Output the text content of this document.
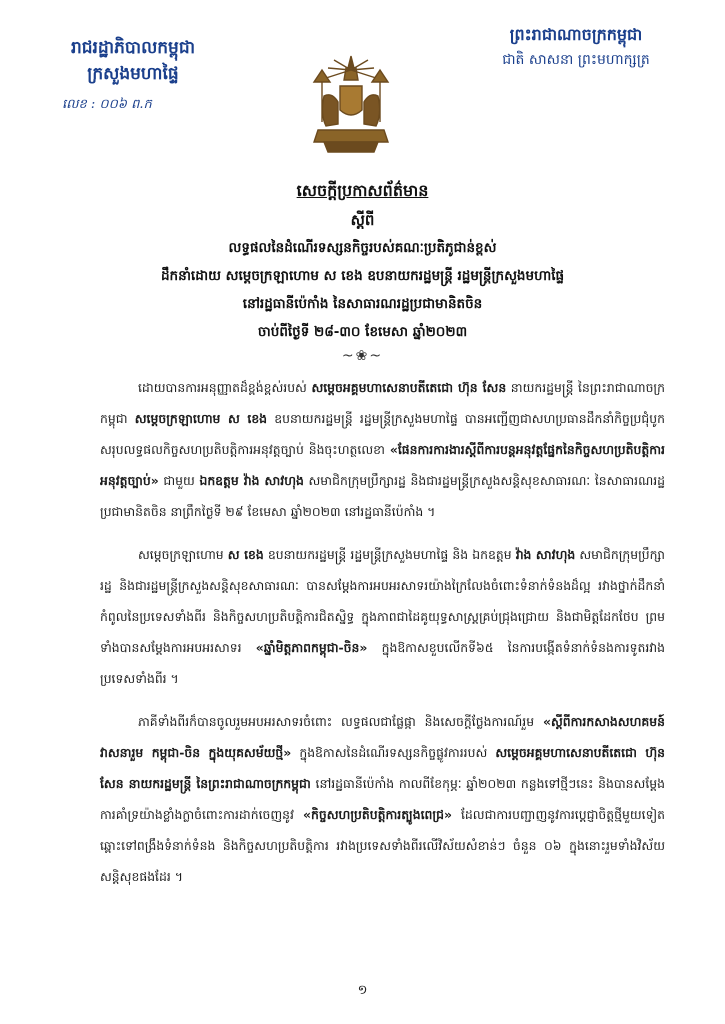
រាជរដ្ឋាភិបាលកម្ពុជា
ក្រសួងមហាផ្ទៃ
លេខ : ០០៦ ព.ក
ព្រះរាជាណាចក្រកម្ពុជា
ជាតិ សាសនា ព្រះមហាក្សត្រ
សេចក្តីប្រកាសព័ត៌មាន
ស្តីពី
លទ្ធផលនៃដំណើរទស្សនកិច្ចរបស់គណៈប្រតិភូជាន់ខ្ពស់
ដឹកនាំដោយ សម្តេចក្រឡាហោម ស ខេង ឧបនាយករដ្ឋមន្ត្រី រដ្ឋមន្ត្រីក្រសួងមហាផ្ទៃ
នៅរដ្ឋធានីប៉េកាំង នៃសាធារណរដ្ឋប្រជាមានិតចិន
ចាប់ពីថ្ងៃទី ២៨-៣០ ខែមេសា ឆ្នាំ២០២៣
~❀~

ដោយបានការអនុញ្ញាតដ៏ខ្ពង់ខ្ពស់របស់ សម្តេចអគ្គមហាសេនាបតីតេជោ ហ៊ុន សែន នាយករដ្ឋមន្ត្រី នៃព្រះរាជាណាចក្រកម្ពុជា សម្តេចក្រឡាហោម ស ខេង ឧបនាយករដ្ឋមន្ត្រី រដ្ឋមន្ត្រីក្រសួងមហាផ្ទៃ បានអញ្ជើញជាសហប្រធានដឹកនាំកិច្ចប្រជុំបូកសរុបលទ្ធផលកិច្ចសហប្រតិបត្តិការអនុវត្តច្បាប់ និងចុះហត្ថលេខា «ផែនការការងារស្តីពីការបន្តអនុវត្តផ្នែកនៃកិច្ចសហប្រតិបត្តិការអនុវត្តច្បាប់» ជាមួយ ឯកឧត្តម វ៉ាង សាវហុង សមាជិកក្រុមប្រឹក្សារដ្ឋ និងជារដ្ឋមន្ត្រីក្រសួងសន្តិសុខសាធារណៈ នៃសាធារណរដ្ឋប្រជាមានិតចិន នាព្រឹកថ្ងៃទី ២៩ ខែមេសា ឆ្នាំ២០២៣ នៅរដ្ឋធានីប៉េកាំង ។

សម្តេចក្រឡាហោម ស ខេង ឧបនាយករដ្ឋមន្ត្រី រដ្ឋមន្ត្រីក្រសួងមហាផ្ទៃ និង ឯកឧត្តម វ៉ាង សាវហុង សមាជិកក្រុមប្រឹក្សារដ្ឋ និងជារដ្ឋមន្ត្រីក្រសួងសន្តិសុខសាធារណៈ បានសម្តែងការអបអរសាទរយ៉ាងក្រៃលែងចំពោះទំនាក់ទំនងដ៏ល្អ រវាងថ្នាក់ដឹកនាំកំពូលនៃប្រទេសទាំងពីរ និងកិច្ចសហប្រតិបត្តិការជិតស្និទ្ធ ក្នុងភាពជាដៃគូយុទ្ធសាស្ត្រគ្រប់ជ្រុងជ្រោយ និងជាមិត្តដែកថែប ព្រមទាំងបានសម្តែងការអបអរសាទរ «ឆ្នាំមិត្តភាពកម្ពុជា-ចិន» ក្នុងឱកាសខួបលើកទី៦៥ នៃការបង្កើតទំនាក់ទំនងការទូតរវាងប្រទេសទាំងពីរ ។

ភាគីទាំងពីរក៏បានចូលរួមអបអរសាទរចំពោះ លទ្ធផលជាផ្លែផ្កា និងសេចក្តីថ្លែងការណ៍រួម «ស្តីពីការកសាងសហគមន៍វាសនារួម កម្ពុជា-ចិន ក្នុងយុគសម័យថ្មី» ក្នុងឱកាសនៃដំណើរទស្សនកិច្ចផ្លូវការរបស់ សម្តេចអគ្គមហាសេនាបតីតេជោ ហ៊ុន សែន នាយករដ្ឋមន្ត្រី នៃព្រះរាជាណាចក្រកម្ពុជា នៅរដ្ឋធានីប៉េកាំង កាលពីខែកុម្ភៈ ឆ្នាំ២០២៣ កន្លងទៅថ្មីៗនេះ និងបានសម្តែងការគាំទ្រយ៉ាងខ្លាំងក្លាចំពោះការដាក់ចេញនូវ «កិច្ចសហប្រតិបត្តិការត្បូងពេជ្រ» ដែលជាការបញ្ជាញនូវការប្តេជ្ញាចិត្តថ្មីមួយទៀត ឆ្ពោះទៅពង្រឹងទំនាក់ទំនង និងកិច្ចសហប្រតិបត្តិការ រវាងប្រទេសទាំងពីរលើវិស័យសំខាន់ៗ ចំនួន ០៦ ក្នុងនោះរួមទាំងវិស័យសន្តិសុខផងដែរ ។

១
